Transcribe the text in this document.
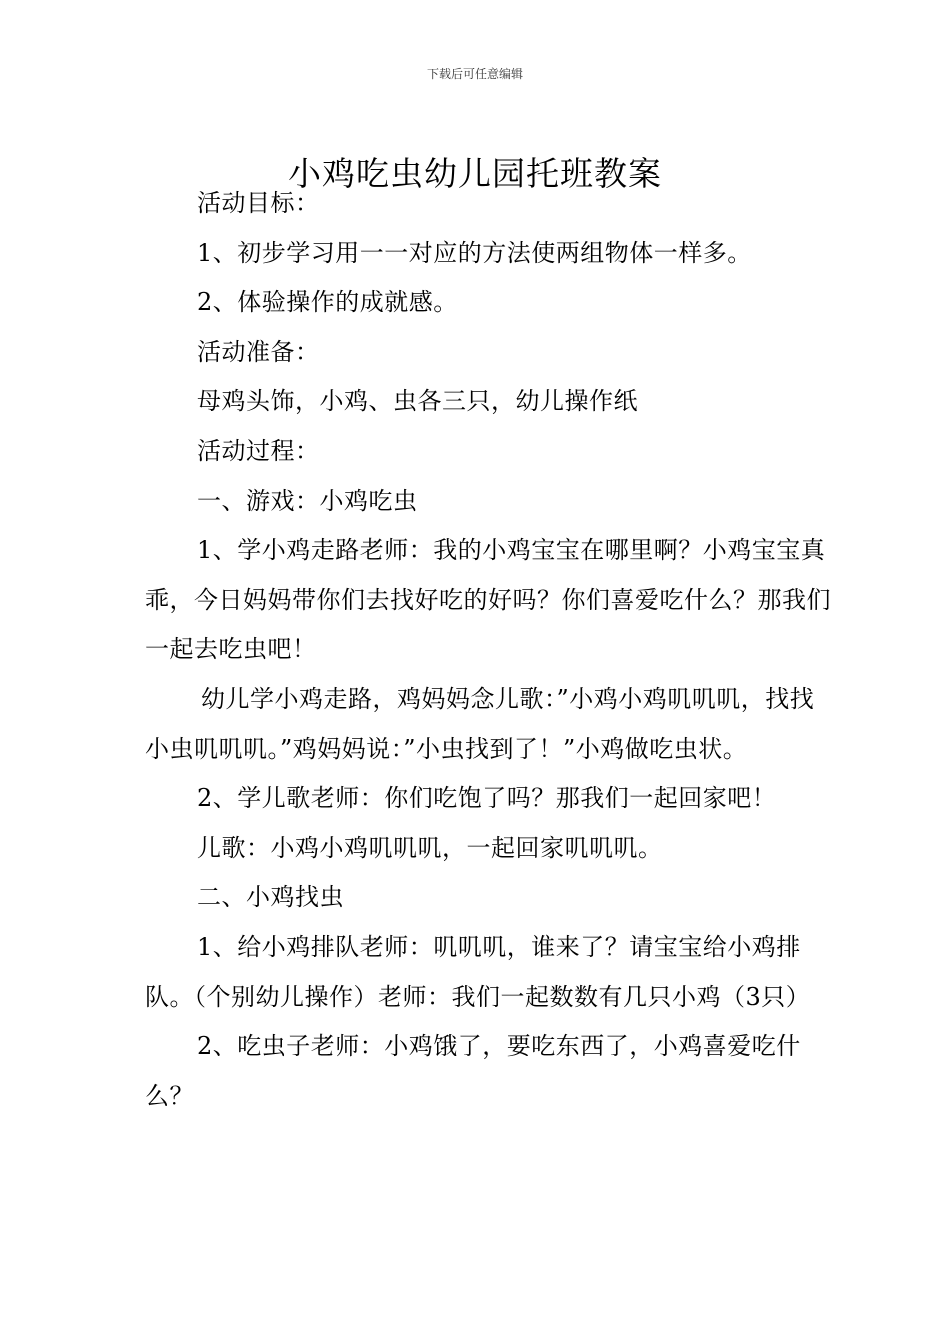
下载后可任意编辑
小鸡吃虫幼儿园托班教案

活动目标：

1、初步学习用一一对应的方法使两组物体一样多。

2、体验操作的成就感。

活动准备：

母鸡头饰，小鸡、虫各三只，幼儿操作纸

活动过程：

一、游戏：小鸡吃虫

1、学小鸡走路老师：我的小鸡宝宝在哪里啊？小鸡宝宝真乖，今日妈妈带你们去找好吃的好吗？你们喜爱吃什么？那我们一起去吃虫吧！

幼儿学小鸡走路，鸡妈妈念儿歌：”小鸡小鸡叽叽叽，找找小虫叽叽叽。”鸡妈妈说：”小虫找到了！”小鸡做吃虫状。

2、学儿歌老师：你们吃饱了吗？那我们一起回家吧！

儿歌：小鸡小鸡叽叽叽，一起回家叽叽叽。

二、小鸡找虫

1、给小鸡排队老师：叽叽叽，谁来了？请宝宝给小鸡排队。（个别幼儿操作）老师：我们一起数数有几只小鸡（3只）

2、吃虫子老师：小鸡饿了，要吃东西了，小鸡喜爱吃什么？
